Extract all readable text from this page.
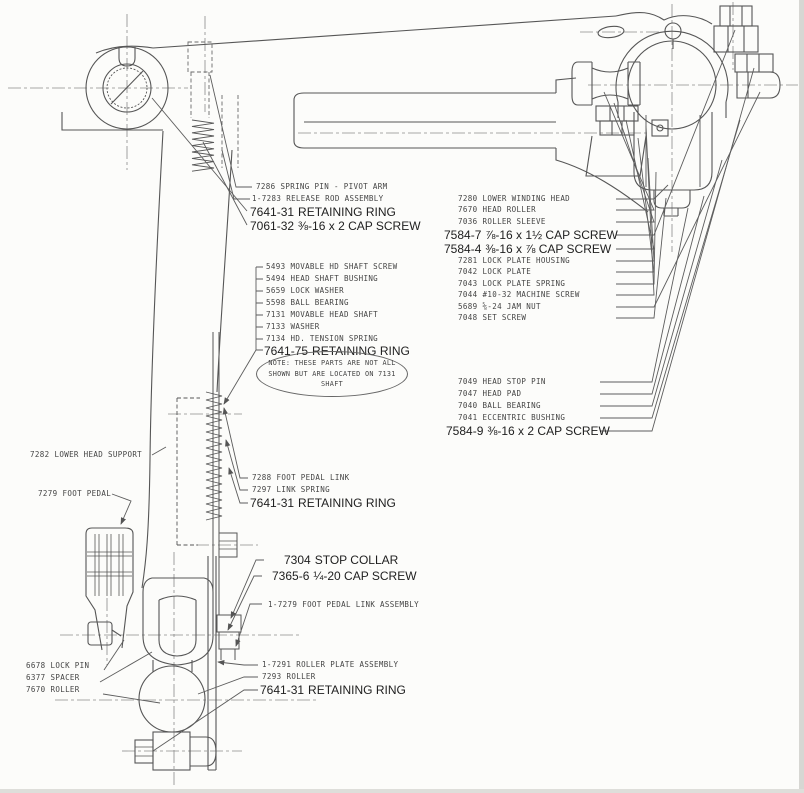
7286 SPRING PIN - PIVOT ARM
1-7283 RELEASE ROD ASSEMBLY
7641-31 RETAINING RING
7061-32 ⅜-16 x 2 CAP SCREW
5493 MOVABLE HD SHAFT SCREW
5494 HEAD SHAFT BUSHING
5659 LOCK WASHER
5598 BALL BEARING
7131 MOVABLE HEAD SHAFT
7133 WASHER
7134 HD. TENSION SPRING
7641-75 RETAINING RING
NOTE: THESE PARTS ARE NOT ALL SHOWN BUT ARE LOCATED ON 7131 SHAFT
7280 LOWER WINDING HEAD
7670 HEAD ROLLER
7036 ROLLER SLEEVE
7584-7 ⅞-16 x 1½ CAP SCREW
7584-4 ⅜-16 x ⅞ CAP SCREW
7281 LOCK PLATE HOUSING
7042 LOCK PLATE
7043 LOCK PLATE SPRING
7044 #10-32 MACHINE SCREW
5689 ⅝-24 JAM NUT
7048 SET SCREW
7049 HEAD STOP PIN
7047 HEAD PAD
7040 BALL BEARING
7041 ECCENTRIC BUSHING
7584-9 ⅜-16 x 2 CAP SCREW
7282 LOWER HEAD SUPPORT
7279 FOOT PEDAL
7288 FOOT PEDAL LINK
7297 LINK SPRING
7641-31 RETAINING RING
7304 STOP COLLAR
7365-6 ¼-20 CAP SCREW
1-7279 FOOT PEDAL LINK ASSEMBLY
1-7291 ROLLER PLATE ASSEMBLY
7293 ROLLER
7641-31 RETAINING RING
6678 LOCK PIN
6377 SPACER
7670 ROLLER
